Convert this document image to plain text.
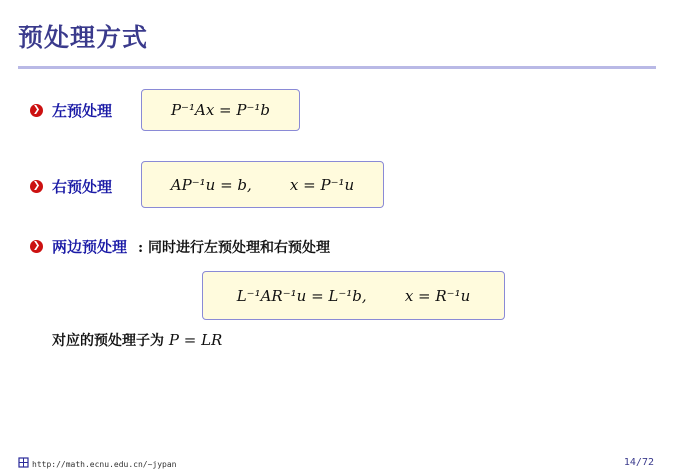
预处理方式
❯ 左预处理	P⁻¹Ax = P⁻¹b
❯ 右预处理	AP⁻¹u = b,        x = P⁻¹u
❯ 两边预处理 : 同时进行左预处理和右预处理
L⁻¹AR⁻¹u = L⁻¹b,        x = R⁻¹u
对应的预处理子为 P = LR
http://math.ecnu.edu.cn/~jypan	14/72
